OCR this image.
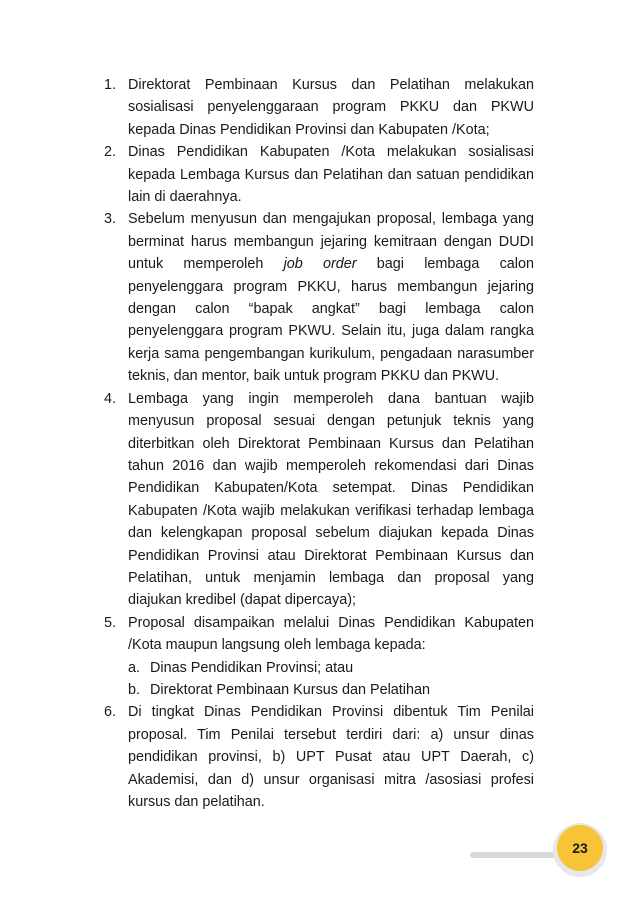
1. Direktorat Pembinaan Kursus dan Pelatihan melakukan sosialisasi penyelenggaraan program PKKU dan PKWU kepada Dinas Pendidikan Provinsi dan Kabupaten /Kota;
2. Dinas Pendidikan Kabupaten /Kota melakukan sosialisasi kepada Lembaga Kursus dan Pelatihan dan satuan pendidikan lain di daerahnya.
3. Sebelum menyusun dan mengajukan proposal, lembaga yang berminat harus membangun jejaring kemitraan dengan DUDI untuk memperoleh job order bagi lembaga calon penyelenggara program PKKU, harus membangun jejaring dengan calon “bapak angkat” bagi lembaga calon penyelenggara program PKWU. Selain itu, juga dalam rangka kerja sama pengembangan kurikulum, pengadaan narasumber teknis, dan mentor, baik untuk program PKKU dan PKWU.
4. Lembaga yang ingin memperoleh dana bantuan wajib menyusun proposal sesuai dengan petunjuk teknis yang diterbitkan oleh Direktorat Pembinaan Kursus dan Pelatihan tahun 2016 dan wajib memperoleh rekomendasi dari Dinas Pendidikan Kabupaten/Kota setempat. Dinas Pendidikan Kabupaten /Kota wajib melakukan verifikasi terhadap lembaga dan kelengkapan proposal sebelum diajukan kepada Dinas Pendidikan Provinsi atau Direktorat Pembinaan Kursus dan Pelatihan, untuk menjamin lembaga dan proposal yang diajukan kredibel (dapat dipercaya);
5. Proposal disampaikan melalui Dinas Pendidikan Kabupaten /Kota maupun langsung oleh lembaga kepada:
a. Dinas Pendidikan Provinsi; atau
b. Direktorat Pembinaan Kursus dan Pelatihan
6. Di tingkat Dinas Pendidikan Provinsi dibentuk Tim Penilai proposal. Tim Penilai tersebut terdiri dari: a) unsur dinas pendidikan provinsi, b) UPT Pusat atau UPT Daerah, c) Akademisi, dan d) unsur organisasi mitra /asosiasi profesi kursus dan pelatihan.
23
